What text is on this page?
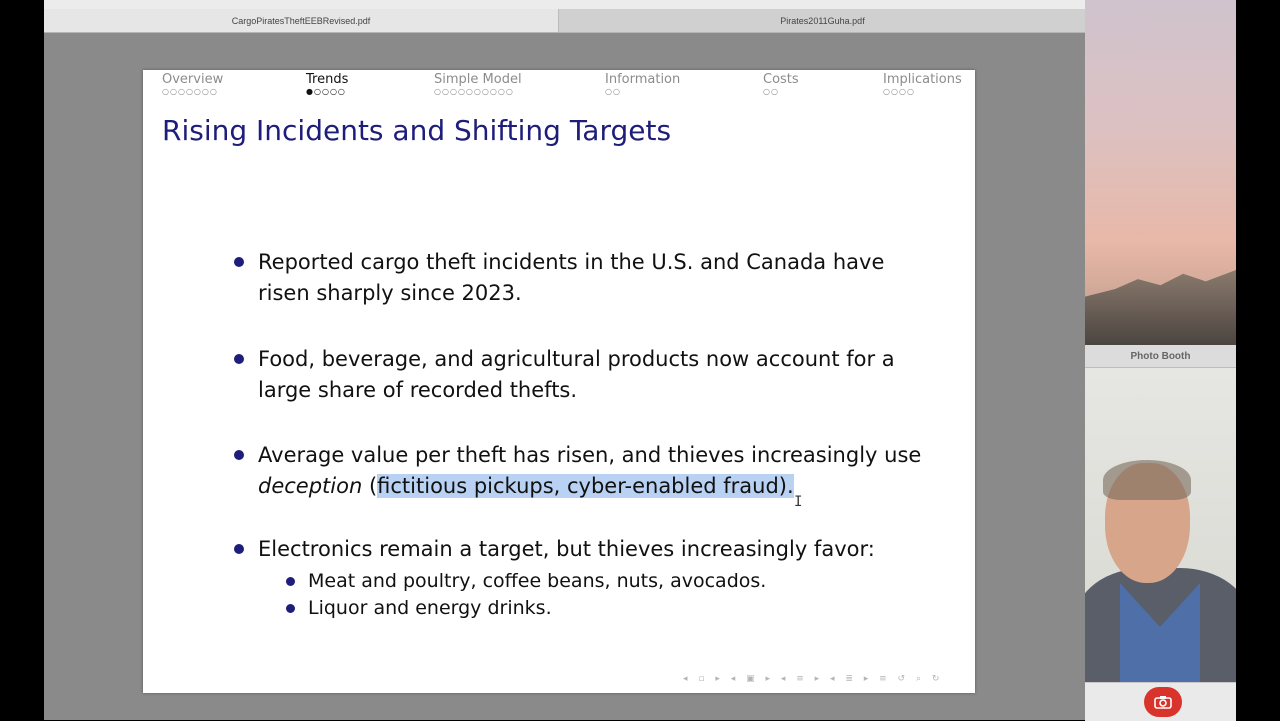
CargoPiratesTheftEEBRevised.pdf	Pirates2011Guha.pdf
Overview
○○○○○○○
Trends
●○○○○
Simple Model
○○○○○○○○○○
Information
○○
Costs
○○
Implications
○○○○
Rising Incidents and Shifting Targets
Reported cargo theft incidents in the U.S. and Canada have risen sharply since 2023.
Food, beverage, and agricultural products now account for a large share of recorded thefts.
Average value per theft has risen, and thieves increasingly use
deception (fictitious pickups, cyber-enabled fraud).
I
Electronics remain a target, but thieves increasingly favor:
Meat and poultry, coffee beans, nuts, avocados.
Liquor and energy drinks.
◂ ▫ ▸ ◂ ▣ ▸ ◂ ≡ ▸ ◂ ≣ ▸ ≡ ↺ ⌕ ↻
Photo Booth
